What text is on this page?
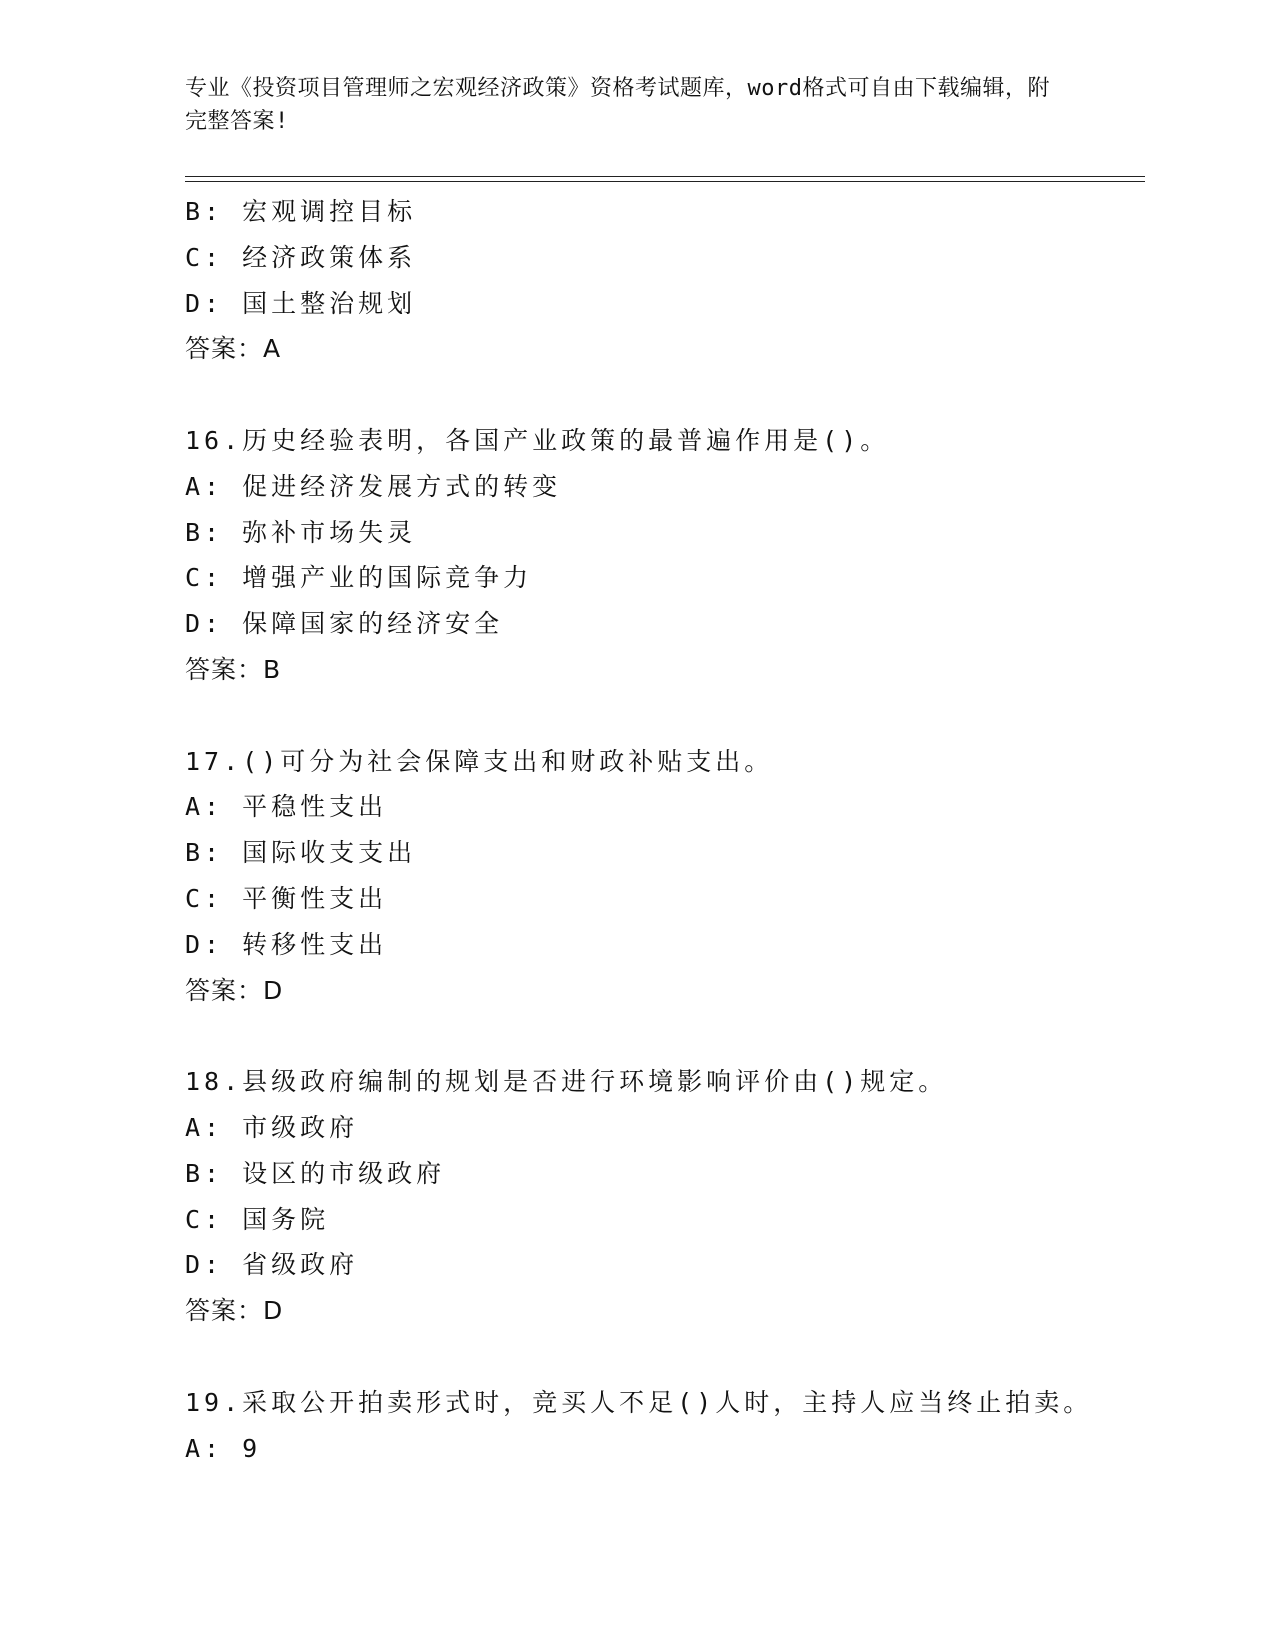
专业《投资项目管理师之宏观经济政策》资格考试题库，word格式可自由下载编辑，附完整答案!
B: 宏观调控目标
C: 经济政策体系
D: 国土整治规划
答案：A
16.历史经验表明，各国产业政策的最普遍作用是()。
A: 促进经济发展方式的转变
B: 弥补市场失灵
C: 增强产业的国际竞争力
D: 保障国家的经济安全
答案：B
17.()可分为社会保障支出和财政补贴支出。
A: 平稳性支出
B: 国际收支支出
C: 平衡性支出
D: 转移性支出
答案：D
18.县级政府编制的规划是否进行环境影响评价由()规定。
A: 市级政府
B: 设区的市级政府
C: 国务院
D: 省级政府
答案：D
19.采取公开拍卖形式时，竞买人不足()人时，主持人应当终止拍卖。
A: 9
